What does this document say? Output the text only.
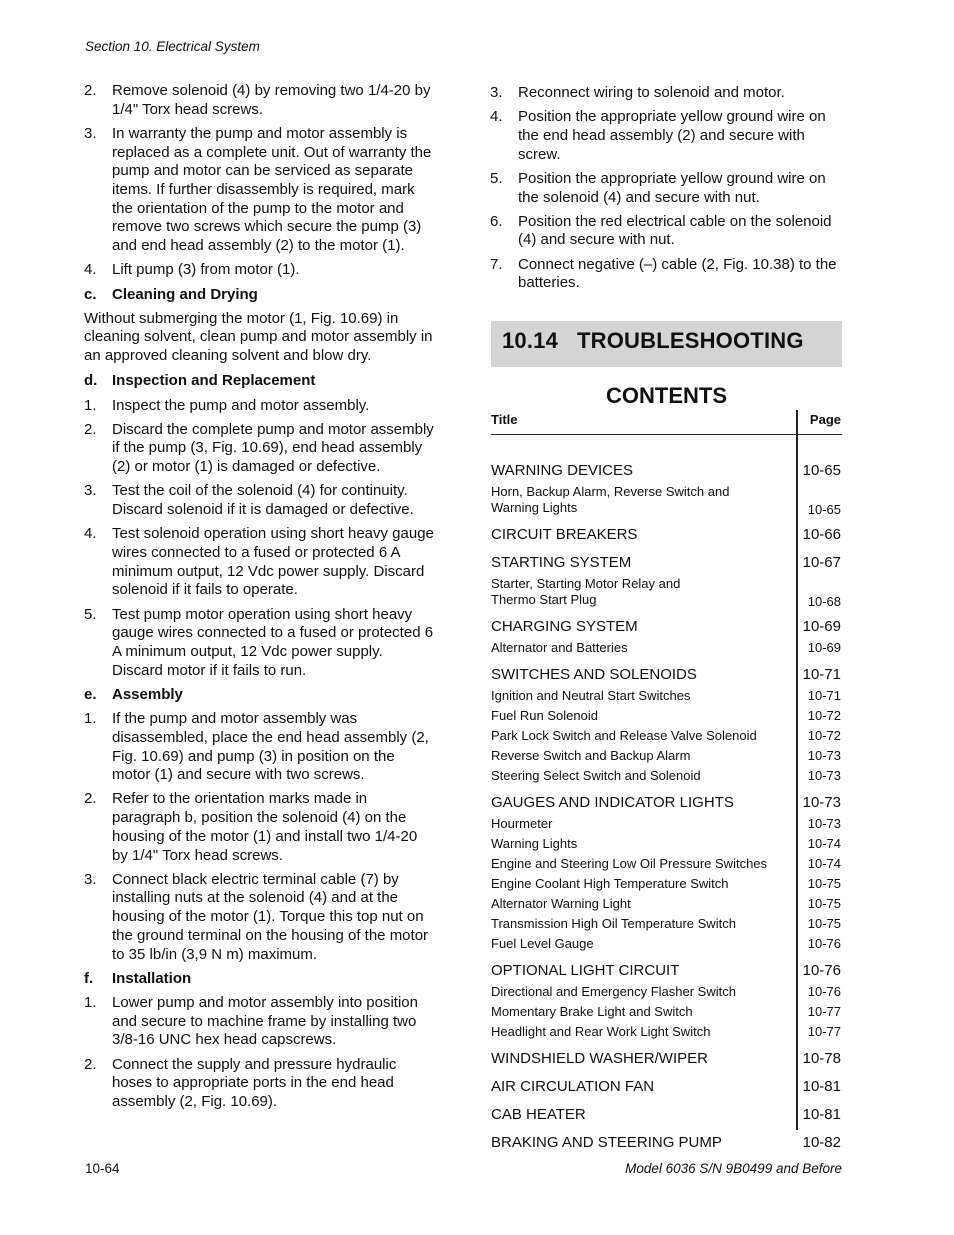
Section 10. Electrical System
2. Remove solenoid (4) by removing two 1/4-20 by 1/4" Torx head screws.
3. In warranty the pump and motor assembly is replaced as a complete unit. Out of warranty the pump and motor can be serviced as separate items. If further disassembly is required, mark the orientation of the pump to the motor and remove two screws which secure the pump (3) and end head assembly (2) to the motor (1).
4. Lift pump (3) from motor (1).
c. Cleaning and Drying
Without submerging the motor (1, Fig. 10.69) in cleaning solvent, clean pump and motor assembly in an approved cleaning solvent and blow dry.
d. Inspection and Replacement
1. Inspect the pump and motor assembly.
2. Discard the complete pump and motor assembly if the pump (3, Fig. 10.69), end head assembly (2) or motor (1) is damaged or defective.
3. Test the coil of the solenoid (4) for continuity. Discard solenoid if it is damaged or defective.
4. Test solenoid operation using short heavy gauge wires connected to a fused or protected 6 A minimum output, 12 Vdc power supply. Discard solenoid if it fails to operate.
5. Test pump motor operation using short heavy gauge wires connected to a fused or protected 6 A minimum output, 12 Vdc power supply. Discard motor if it fails to run.
e. Assembly
1. If the pump and motor assembly was disassembled, place the end head assembly (2, Fig. 10.69) and pump (3) in position on the motor (1) and secure with two screws.
2. Refer to the orientation marks made in paragraph b, position the solenoid (4) on the housing of the motor (1) and install two 1/4-20 by 1/4" Torx head screws.
3. Connect black electric terminal cable (7) by installing nuts at the solenoid (4) and at the housing of the motor (1). Torque this top nut on the ground terminal on the housing of the motor to 35 lb/in (3,9 N m) maximum.
f. Installation
1. Lower pump and motor assembly into position and secure to machine frame by installing two 3/8-16 UNC hex head capscrews.
2. Connect the supply and pressure hydraulic hoses to appropriate ports in the end head assembly (2, Fig. 10.69).
3. Reconnect wiring to solenoid and motor.
4. Position the appropriate yellow ground wire on the end head assembly (2) and secure with screw.
5. Position the appropriate yellow ground wire on the solenoid (4) and secure with nut.
6. Position the red electrical cable on the solenoid (4) and secure with nut.
7. Connect negative (–) cable (2, Fig. 10.38) to the batteries.
10.14   TROUBLESHOOTING
CONTENTS
Title	Page
WARNING DEVICES	10-65
Horn, Backup Alarm, Reverse Switch and
Warning Lights	10-65
CIRCUIT BREAKERS	10-66
STARTING SYSTEM	10-67
Starter, Starting Motor Relay and
Thermo Start Plug	10-68
CHARGING SYSTEM	10-69
Alternator and Batteries	10-69
SWITCHES AND SOLENOIDS	10-71
Ignition and Neutral Start Switches	10-71
Fuel Run Solenoid	10-72
Park Lock Switch and Release Valve Solenoid	10-72
Reverse Switch and Backup Alarm	10-73
Steering Select Switch and Solenoid	10-73
GAUGES AND INDICATOR LIGHTS	10-73
Hourmeter	10-73
Warning Lights	10-74
Engine and Steering Low Oil Pressure Switches	10-74
Engine Coolant High Temperature Switch	10-75
Alternator Warning Light	10-75
Transmission High Oil Temperature Switch	10-75
Fuel Level Gauge	10-76
OPTIONAL LIGHT CIRCUIT	10-76
Directional and Emergency Flasher Switch	10-76
Momentary Brake Light and Switch	10-77
Headlight and Rear Work Light Switch	10-77
WINDSHIELD WASHER/WIPER	10-78
AIR CIRCULATION FAN	10-81
CAB HEATER	10-81
BRAKING AND STEERING PUMP	10-82
10-64	Model 6036 S/N 9B0499 and Before
